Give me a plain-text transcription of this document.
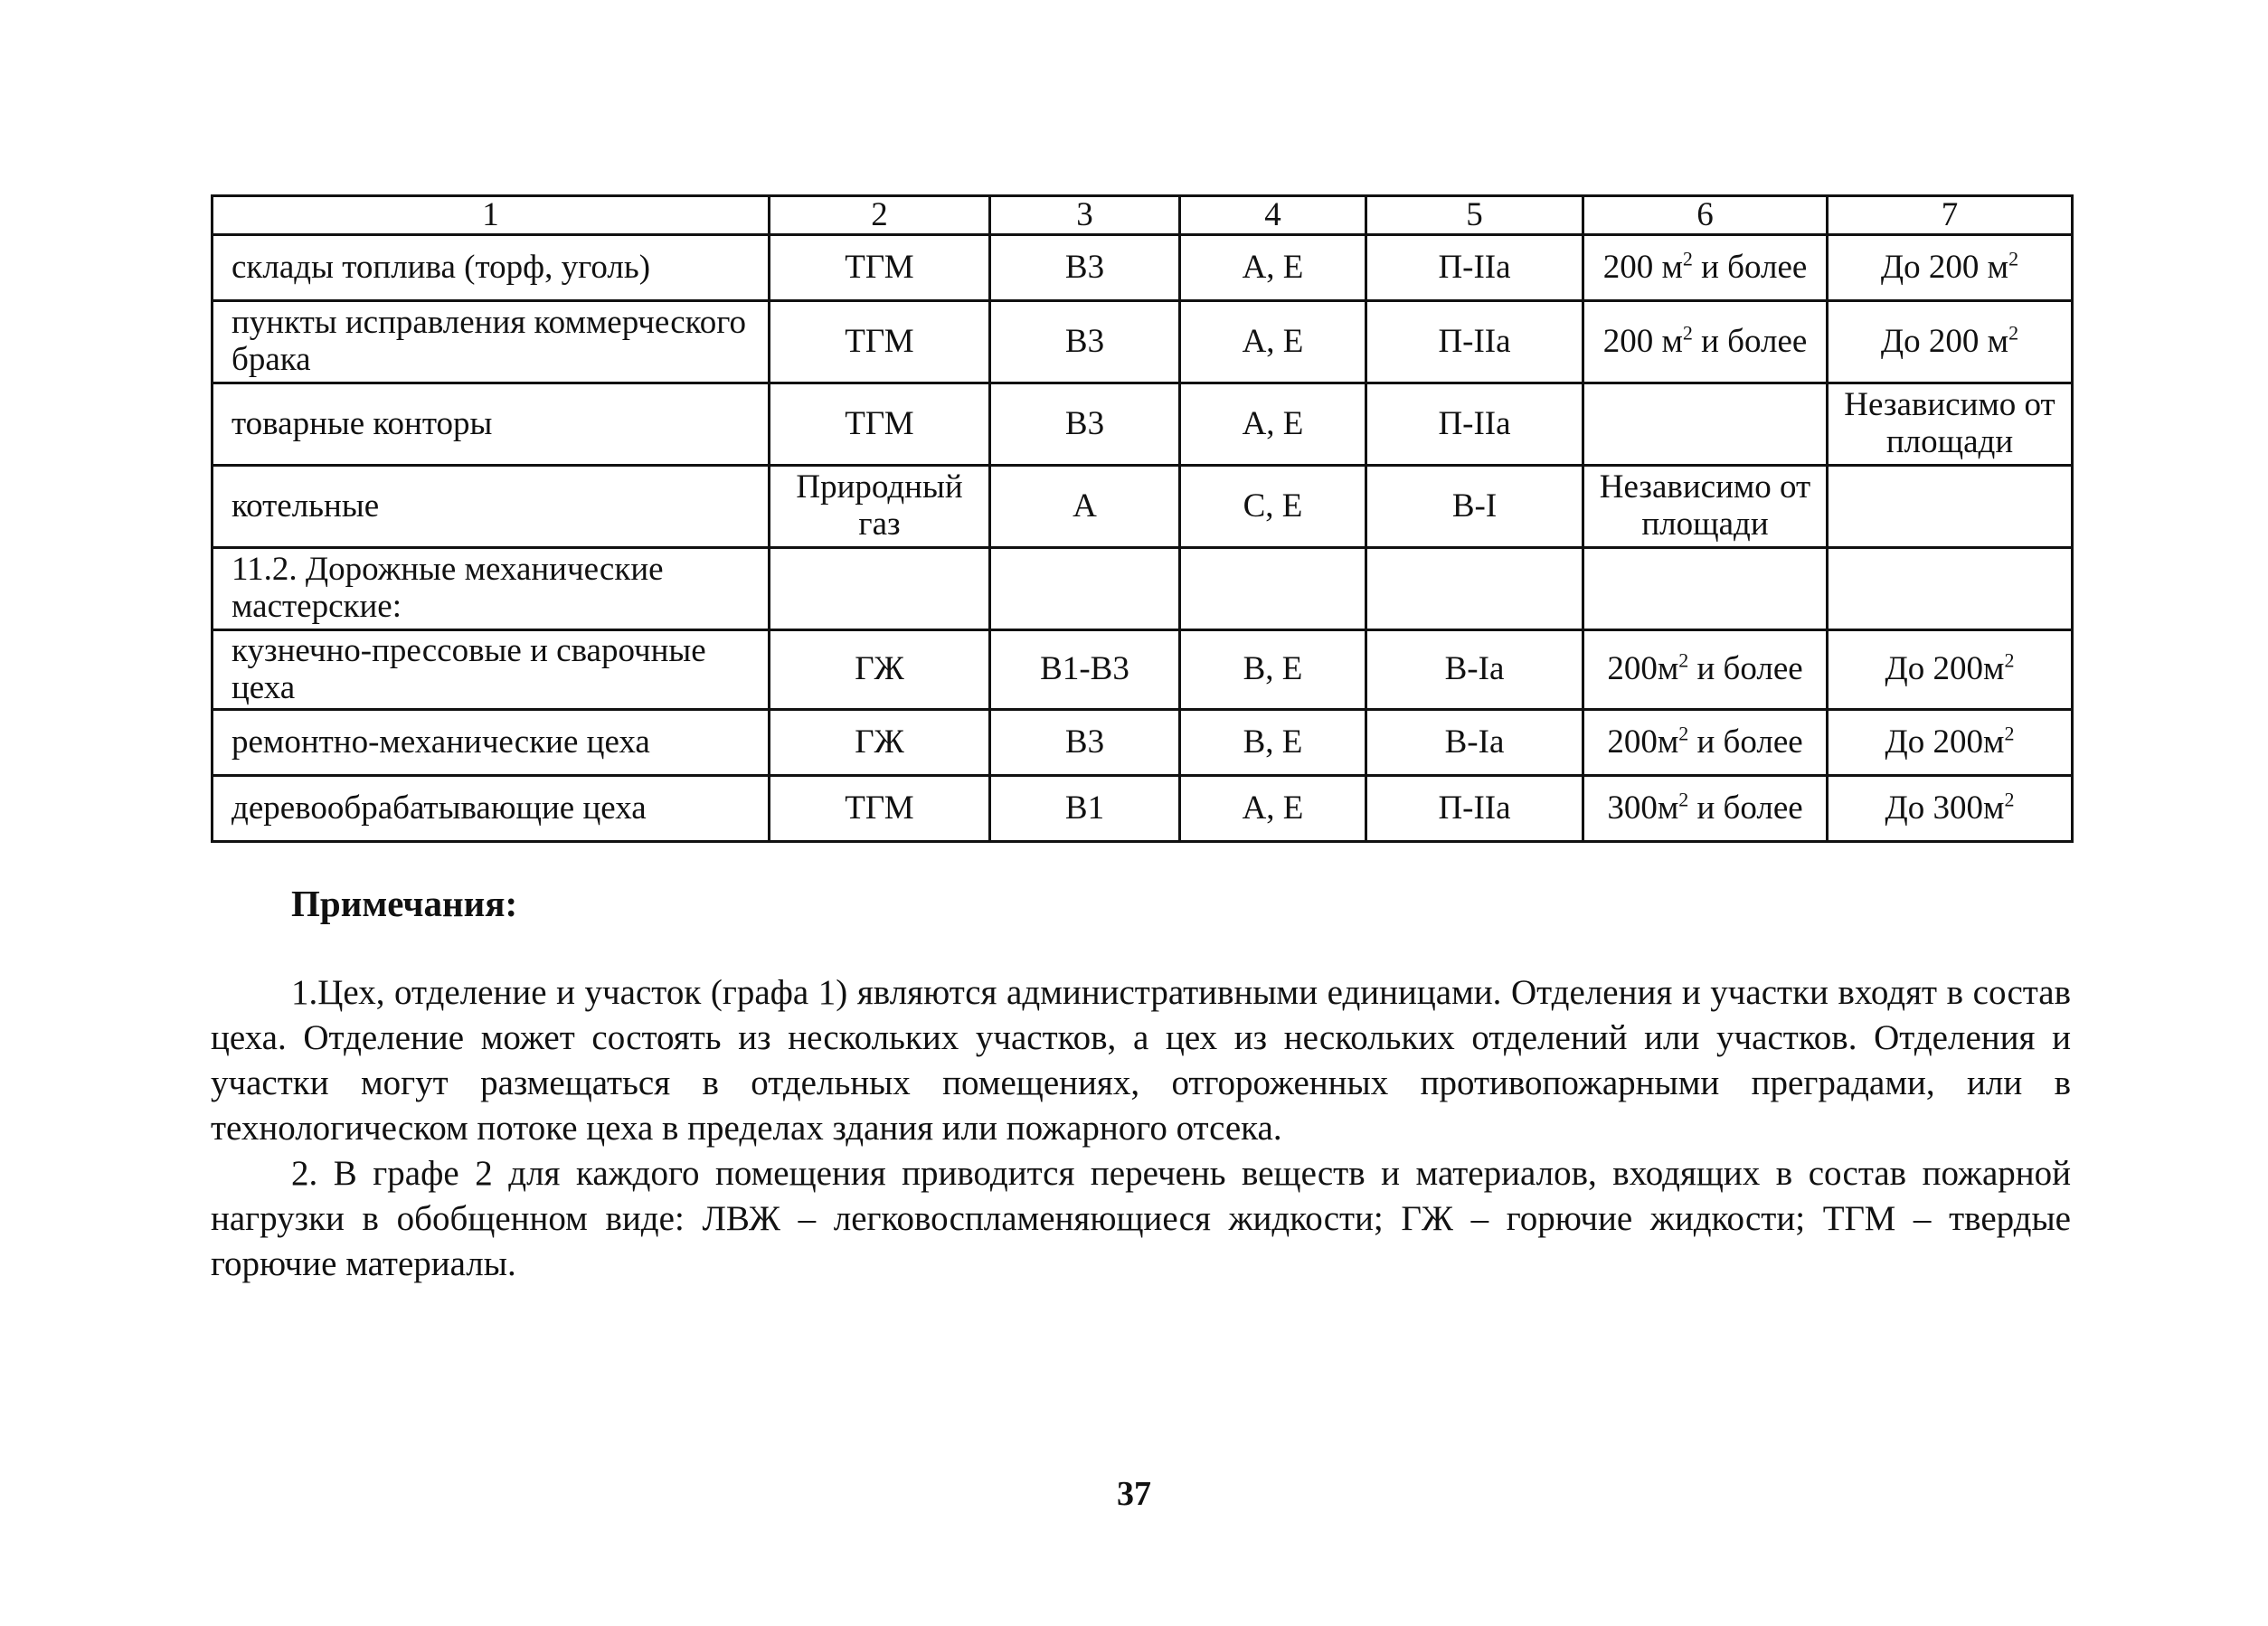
1	2	3	4	5	6	7
склады топлива (торф, уголь)	ТГМ	В3	А, Е	П-IIа	200 $м^2$ и более	До 200 $м^2$
пункты исправления коммерческого брака	ТГМ	В3	А, Е	П-IIа	200 $м^2$ и более	До 200 $м^2$
товарные конторы	ТГМ	В3	А, Е	П-IIа		Независимо от площади
котельные	Природный газ	А	С, Е	В-I	Независимо от площади	
11.2. Дорожные механические мастерские:						
кузнечно-прессовые и сварочные цеха	ГЖ	В1-В3	В, Е	В-Iа	$200м^2$ и более	До $200м^2$
ремонтно-механические цеха	ГЖ	В3	В, Е	В-Iа	$200м^2$ и более	До $200м^2$
деревообрабатывающие цеха	ТГМ	В1	А, Е	П-IIа	$300м^2$ и более	До $300м^2$
Примечания:

1.Цех, отделение и участок (графа 1) являются административными единицами. Отделения и участки входят в состав цеха. Отделение может состоять из нескольких участков, а цех из нескольких отделений или участков. Отделения и участки могут размещаться в отдельных помещениях, отгороженных противопожарными преградами, или в технологическом потоке цеха в пределах здания или пожарного отсека.

2. В графе 2 для каждого помещения приводится перечень веществ и материалов, входящих в состав пожарной нагрузки в обобщенном виде: ЛВЖ – легковоспламеняющиеся жидкости; ГЖ – горючие жидкости; ТГМ – твердые горючие материалы.

37
